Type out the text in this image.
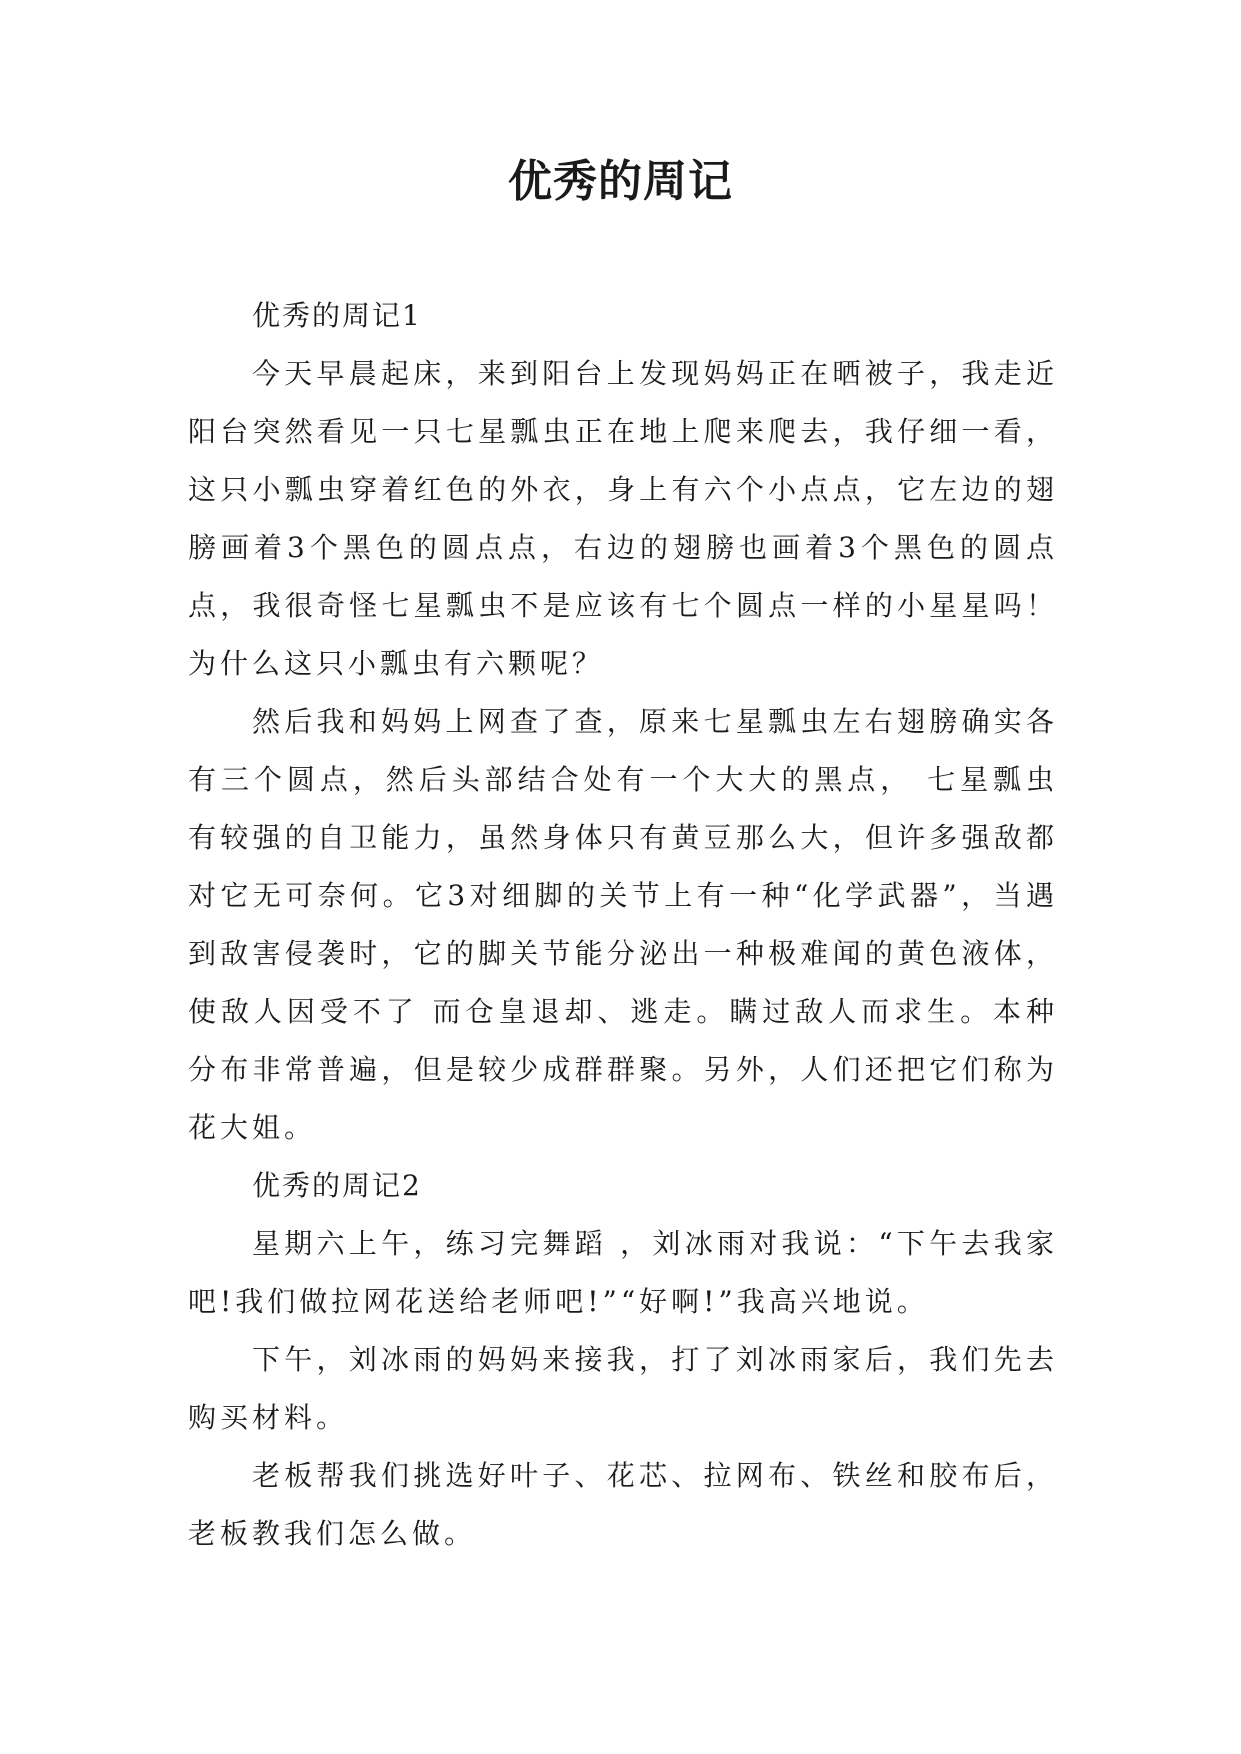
优秀的周记

优秀的周记1

今天早晨起床，来到阳台上发现妈妈正在晒被子，我走近阳台突然看见一只七星瓢虫正在地上爬来爬去，我仔细一看，这只小瓢虫穿着红色的外衣，身上有六个小点点，它左边的翅膀画着3个黑色的圆点点，右边的翅膀也画着3个黑色的圆点点，我很奇怪七星瓢虫不是应该有七个圆点一样的小星星吗！为什么这只小瓢虫有六颗呢？

然后我和妈妈上网查了查，原来七星瓢虫左右翅膀确实各有三个圆点，然后头部结合处有一个大大的黑点， 七星瓢虫有较强的自卫能力，虽然身体只有黄豆那么大，但许多强敌都对它无可奈何。它3对细脚的关节上有一种“化学武器”，当遇到敌害侵袭时，它的脚关节能分泌出一种极难闻的黄色液体，使敌人因受不了 而仓皇退却、逃走。瞒过敌人而求生。本种分布非常普遍，但是较少成群群聚。另外，人们还把它们称为花大姐。

优秀的周记2

星期六上午，练习完舞蹈 ，刘冰雨对我说：“下午去我家吧!我们做拉网花送给老师吧!”“好啊!”我高兴地说。

下午，刘冰雨的妈妈来接我，打了刘冰雨家后，我们先去购买材料。

老板帮我们挑选好叶子、花芯、拉网布、铁丝和胶布后，老板教我们怎么做。
